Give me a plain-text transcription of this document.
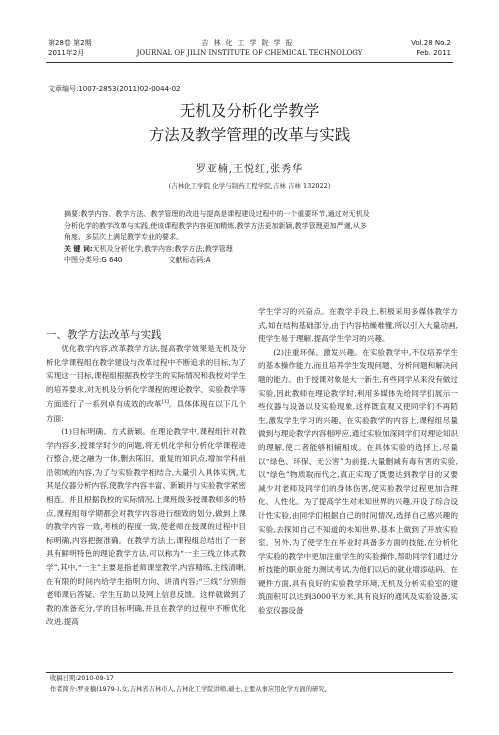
第28卷 第2期
2011年2月
吉林化工学院学报
JOURNAL OF JILIN INSTITUTE OF CHEMICAL TECHNOLOGY
Vol.28 No.2
Feb. 2011
文章编号:1007-2853(2011)02-0044-02
无机及分析化学教学
方法及教学管理的改革与实践
罗亚楠,王悦红,张秀华
(吉林化工学院 化学与制药工程学院,吉林 吉林 132022)

摘要:教学内容、教学方法、教学管理的改进与提高是课程建设过程中的一个重要环节,通过对无机及

分析化学的教学改革与实践,使该课程教学内容更加精炼,教学方法更加新颖,教学管理更加严谨,从多

角度、多层次上满足教学专业的要求。

关 键 词:无机及分析化学;教学内容;教学方法;教学管理

中图分类号:G 640	文献标志码:A

一、教学方法改革与实践

优化教学内容,改革教学方法,提高教学效果是无机及分析化学课程组在教学建设与改革过程中不断追求的目标,为了实现这一目标,课程组根据我校学生的实际情况和我校对学生的培养要求,对无机及分析化学课程的理论教学、实验教学等方面进行了一系列卓有成效的改革[1]。具体体现在以下几个方面:

(1)目标明确、方式新颖。在理论教学中,课程组针对教学内容多,授课学时少的问题,将无机化学和分析化学课程进行整合,使之融为一体,删去陈旧、重复的知识点,增加学科前沿领域的内容,为了与实验教学相结合,大量引入具体实例,尤其是仪器分析内容,使教学内容丰富、新颖并与实验教学紧密相连。并且根据我校的实际情况,上课班级多授课教师多的特点,课程组每学期都会对教学内容进行细致的划分,做到上课的教学内容一致,考核的程度一致,使老师在授课的过程中目标明确,内容把握准确。在教学方法上,课程组总结出了一套具有鲜明特色的理论教学方法,可以称为“一主三线立体式教学”,其中,“一主”主要是指老师课堂教学,内容精练,主线清晰,在有限的时间内给学生指明方向、讲清内容;“三线”分别指老师课后答疑、学生互助以及网上信息反馈。这样就做到了教的准备充分,学的目标明确,并且在教学的过程中不断优化改进,提高

学生学习的兴奋点。在教学手段上,积极采用多媒体教学方式,如在结构基础部分,由于内容枯燥难懂,所以引入大量动画,使学生易于理解,提高学生学习的兴趣。

(2)注重环保、激发兴趣。在实验教学中,不仅培养学生的基本操作能力,而且培养学生发现问题、分析问题和解决问题的能力。由于授课对象是大一新生,有些同学从来没有做过实验,因此教师在理论教学时,利用多媒体先给同学们展示一些仪器与设备以及实验现象,这样既直观又使同学们不再陌生,激发学生学习的兴趣。在实验教学的内容上,课程组尽量做到与理论教学内容相呼应,通过实验加深同学们对理论知识的理解,使二者能够相辅相成。在具体实验的选择上,尽量以“绿色、环保、无公害”为前提,大量删减有毒有害的实验,以“绿色”物质取而代之,真正实现了既要达到教学目的又要减少对老师及同学们的身体伤害,使实验教学过程更加合理化、人性化。为了提高学生对未知世界的兴趣,开设了综合设计性实验,由同学们根据自己的时间情况,选择自己感兴趣的实验,去探知自己不知道的未知世界,基本上做到了开放实验室。另外,为了使学生在毕业时具备多方面的技能,在分析化学实验的教学中更加注重学生的实验操作,帮助同学们通过分析技能的职业能力测试考试,为他们以后的就业增添砝码。在硬件方面,具有良好的实验教学环境,无机及分析实验室的建筑面积可以达到3000平方米,具有良好的通风及实验设备,实验室仪器设备

收稿日期:2010-09-17
作者简介:罗亚楠(1979-),女,吉林省吉林市人,吉林化工学院讲师,硕士,主要从事应用化学方面的研究。
